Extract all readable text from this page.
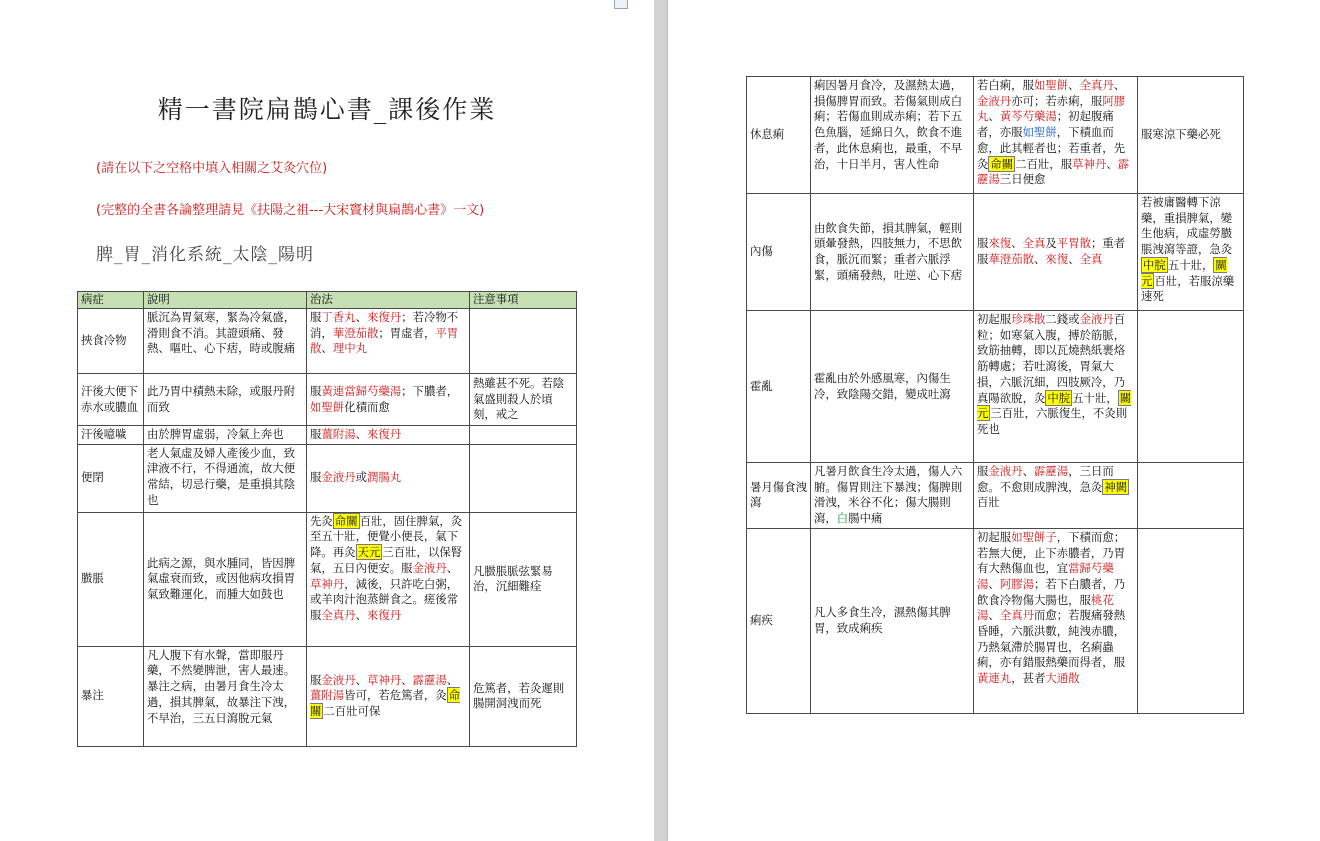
精一書院扁鵲心書_課後作業
(請在以下之空格中填入相關之艾灸穴位)
(完整的全書各論整理請見《扶陽之祖---大宋竇材與扁鵲心書》一文)
脾_胃_消化系統_太陰_陽明
病症	說明	治法	注意事項
挾食冷物	脈沉為胃氣寒，緊為冷氣盛，滑則食不消。其證頭痛、發熱、嘔吐、心下痞，時或腹痛	服丁香丸、來復丹；若冷物不消，華澄茄散；胃虛者，平胃散、理中丸	
汗後大便下赤水或膿血	此乃胃中積熱未除，或服丹附而致	服黃連當歸芍藥湯；下膿者，如聖餅化積而愈	熱雖甚不死。若陰氣盛則殺人於頃刻，戒之
汗後噫噦	由於脾胃虛弱，冷氣上奔也	服薑附湯、來復丹	
便閉	老人氣虛及婦人產後少血，致津液不行，不得通流，故大便常結，切忌行藥，是重損其陰也	服金液丹或潤腸丸	
臌脹	此病之源，與水腫同，皆因脾氣虛衰而致，或因他病攻損胃氣致難運化，而腫大如鼓也	先灸 命關 百壯，固住脾氣，灸至五十壯，便覺小便長，氣下降。再灸 天元 三百壯，以保腎氣，五日內便安。服金液丹、草神丹，減後，只許吃白粥，或羊肉汁泡蒸餅食之。瘥後常服全真丹、來復丹	凡臌脹脈弦緊易治，沉細難痊
暴注	凡人腹下有水聲，當即服丹藥，不然變脾泄，害人最速。暴注之病，由暑月食生冷太過，損其脾氣，故暴注下洩，不早治，三五日瀉脫元氣	服金液丹、草神丹、霹靂湯、薑附湯皆可，若危篤者，灸 命關 二百壯可保	危篤者，若灸遲則腸開洞洩而死
休息痢	痢因暑月食冷，及濕熱太過，損傷脾胃而致。若傷氣則成白痢；若傷血則成赤痢；若下五色魚腦，延綿日久，飲食不進者，此休息痢也，最重，不早治，十日半月，害人性命	若白痢，服如聖餅、全真丹、金液丹亦可；若赤痢，服阿膠丸、黃芩芍藥湯；初起腹痛者，亦服如聖餅，下積血而愈，此其輕者也；若重者，先灸 命關 二百壯，服草神丹、霹靂湯三日便愈	服寒涼下藥必死
內傷	由飲食失節，損其脾氣，輕則頭暈發熱，四肢無力，不思飲食，脈沉而緊；重者六脈浮緊，頭痛發熱，吐逆、心下痞	服來復、全真及平胃散；重者服華澄茄散、來復、全真	若被庸醫轉下涼藥，重損脾氣，變生他病，成虛勞臌脹洩瀉等證，急灸中脘 五十壯， 關元 百壯，若服涼藥速死
霍亂	霍亂由於外感風寒，內傷生冷，致陰陽交錯，變成吐瀉	初起服珍珠散二錢或金液丹百粒；如寒氣入腹，搏於筋脈，致筋抽轉，即以瓦燒熱紙裹烙筋轉處；若吐瀉後，胃氣大損，六脈沉細，四肢厥冷，乃真陽欲脫，灸 中脘 五十壯， 關元 三百壯，六脈復生，不灸則死也	
暑月傷食洩瀉	凡暑月飲食生冷太過，傷人六腑。傷胃則注下暴洩；傷脾則滑洩，米谷不化；傷大腸則瀉，白腸中痛	服金液丹、霹靂湯，三日而愈。不愈則成脾洩，急灸 神闕百壯	
痢疾	凡人多食生冷，濕熱傷其脾胃，致成痢疾	初起服如聖餅子，下積而愈；若無大便，止下赤膿者，乃胃有大熱傷血也，宜當歸芍藥湯、阿膠湯；若下白膿者，乃飲食冷物傷大腸也，服桃花湯、全真丹而愈；若腹痛發熱昏睡，六脈洪數，純洩赤膿，乃熱氣滯於腸胃也，名痢蟲痢，亦有錯服熱藥而得者，服黃連丸，甚者大通散	
